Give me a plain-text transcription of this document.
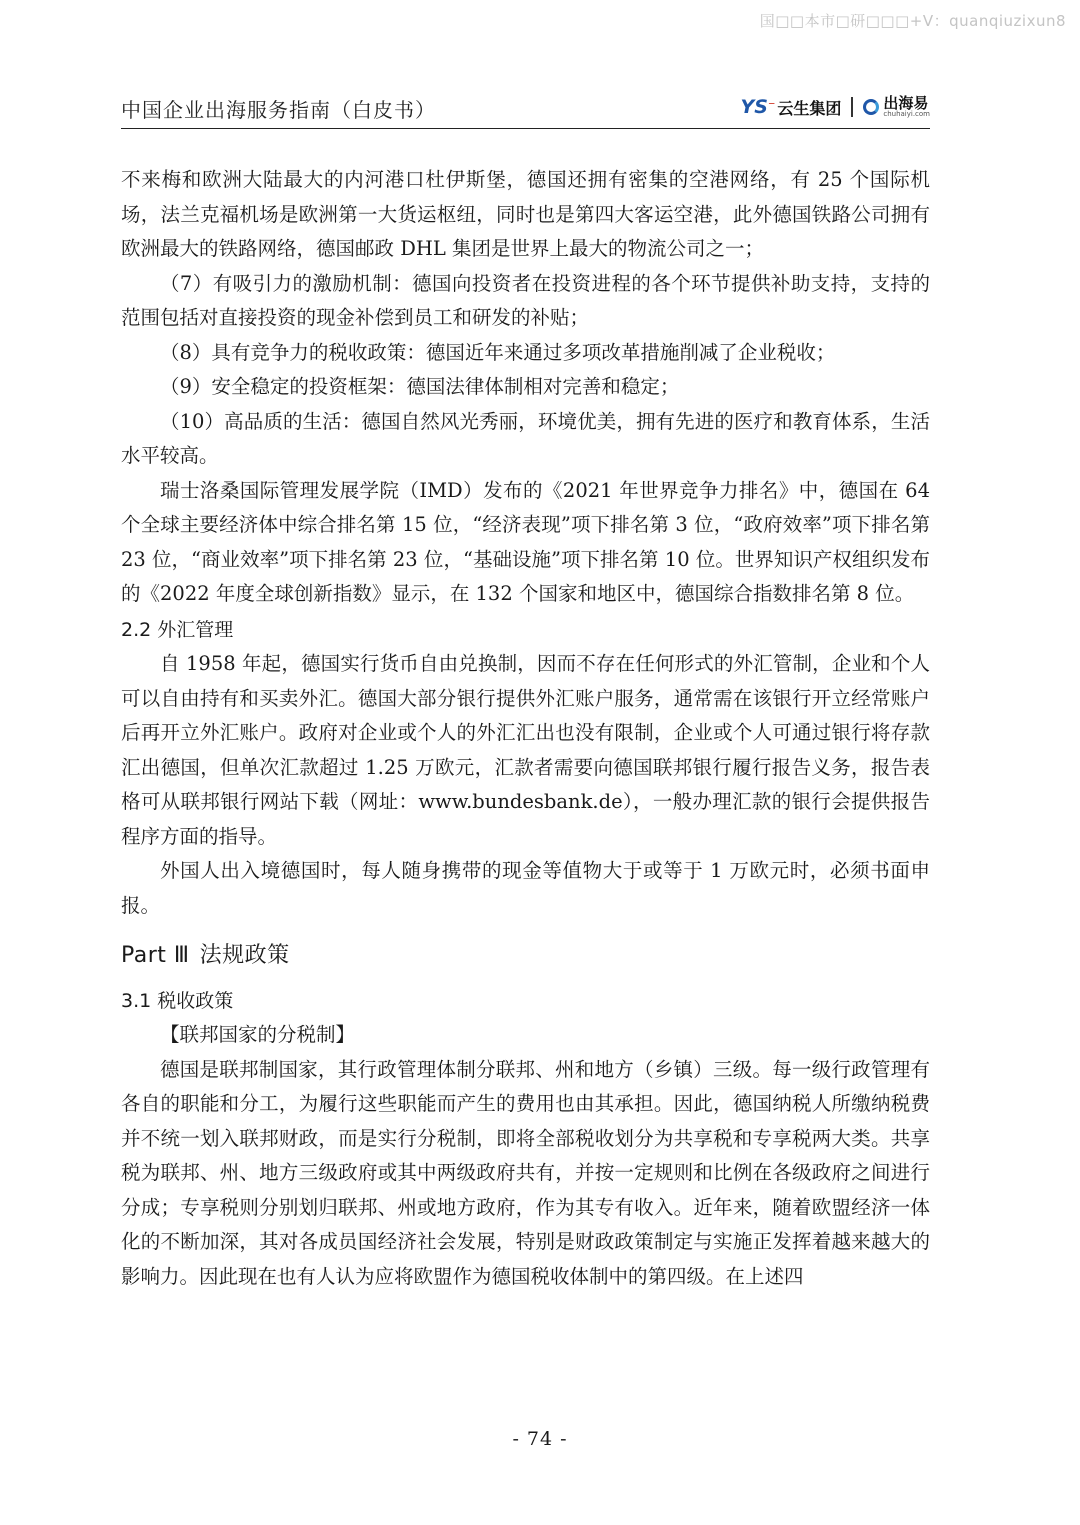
国□□本市□研□□□+V：quanqiuzixun8
中国企业出海服务指南（白皮书）	YS ⁻ 云生集团	出海易
chuhaiyi.com

不来梅和欧洲大陆最大的内河港口杜伊斯堡，德国还拥有密集的空港网络，有 25 个国际机场，法兰克福机场是欧洲第一大货运枢纽，同时也是第四大客运空港，此外德国铁路公司拥有欧洲最大的铁路网络，德国邮政 DHL 集团是世界上最大的物流公司之一；

（7）有吸引力的激励机制：德国向投资者在投资进程的各个环节提供补助支持，支持的范围包括对直接投资的现金补偿到员工和研发的补贴；

（8）具有竞争力的税收政策：德国近年来通过多项改革措施削减了企业税收；

（9）安全稳定的投资框架：德国法律体制相对完善和稳定；

（10）高品质的生活：德国自然风光秀丽，环境优美，拥有先进的医疗和教育体系，生活水平较高。

瑞士洛桑国际管理发展学院（IMD）发布的《2021 年世界竞争力排名》中，德国在 64 个全球主要经济体中综合排名第 15 位，“经济表现”项下排名第 3 位，“政府效率”项下排名第 23 位，“商业效率”项下排名第 23 位，“基础设施”项下排名第 10 位。世界知识产权组织发布的《2022 年度全球创新指数》显示，在 132 个国家和地区中，德国综合指数排名第 8 位。

2.2 外汇管理

自 1958 年起，德国实行货币自由兑换制，因而不存在任何形式的外汇管制，企业和个人可以自由持有和买卖外汇。德国大部分银行提供外汇账户服务，通常需在该银行开立经常账户后再开立外汇账户。政府对企业或个人的外汇汇出也没有限制，企业或个人可通过银行将存款汇出德国，但单次汇款超过 1.25 万欧元，汇款者需要向德国联邦银行履行报告义务，报告表格可从联邦银行网站下载（网址：www.bundesbank.de），一般办理汇款的银行会提供报告程序方面的指导。

外国人出入境德国时，每人随身携带的现金等值物大于或等于 1 万欧元时，必须书面申报。

Part Ⅲ 法规政策
3.1 税收政策

【联邦国家的分税制】

德国是联邦制国家，其行政管理体制分联邦、州和地方（乡镇）三级。每一级行政管理有各自的职能和分工，为履行这些职能而产生的费用也由其承担。因此，德国纳税人所缴纳税费并不统一划入联邦财政，而是实行分税制，即将全部税收划分为共享税和专享税两大类。共享税为联邦、州、地方三级政府或其中两级政府共有，并按一定规则和比例在各级政府之间进行分成；专享税则分别划归联邦、州或地方政府，作为其专有收入。近年来，随着欧盟经济一体化的不断加深，其对各成员国经济社会发展，特别是财政政策制定与实施正发挥着越来越大的影响力。因此现在也有人认为应将欧盟作为德国税收体制中的第四级。在上述四

- 74 -
